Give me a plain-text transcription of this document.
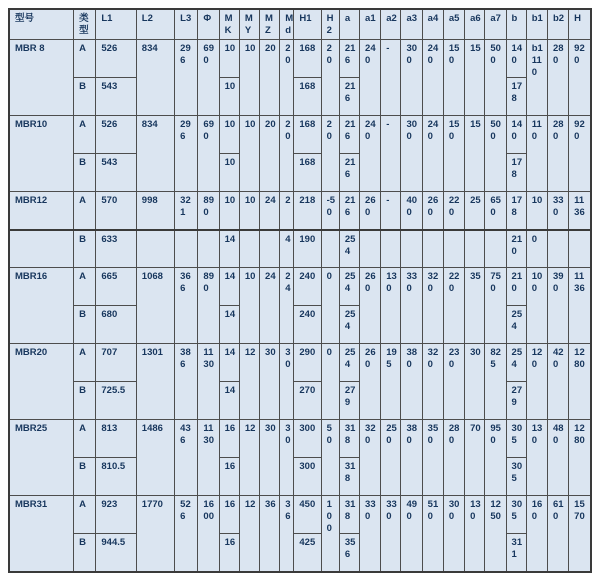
型号	类型	L1	L2	L3	Φ	MK	MY	MZ	Md	H1	H2	a	a1	a2	a3	a4	a5	a6	a7	b	b1	b2	H
MBR 8	A	526	834	296	690	10	10	20	20	168	20	216	240	-	300	240	150	15	500	140	b1 110	280	920
	B	543				10				168		216								178			
MBR10	A	526	834	296	690	10	10	20	20	168	20	216	240	-	300	240	150	15	500	140	110	280	920
	B	543				10				168		216								178			
MBR12	A	570	998	321	890	10	10	24	2	218	-50	216	260	-	400	260	220	25	650	178	10	330	1136
	B	633				14			4	190		254								210	0		
MBR16	A	665	1068	366	890	14	10	24	24	240	0	254	260	130	330	320	220	35	750	210	100	390	1136
	B	680				14				240		254								254			
MBR20	A	707	1301	386	1130	14	12	30	30	290	0	254	260	195	380	320	230	30	825	254	120	420	1280
	B	725.5				14				270		279								279			
MBR25	A	813	1486	436	1130	16	12	30	30	300	50	318	320	250	380	350	280	70	950	305	130	480	1280
	B	810.5				16				300		318								305			
MBR31	A	923	1770	526	1600	16	12	36	36	450	100	318	330	330	490	510	300	130	1250	305	160	610	1570
	B	944.5				16				425		356								311			
